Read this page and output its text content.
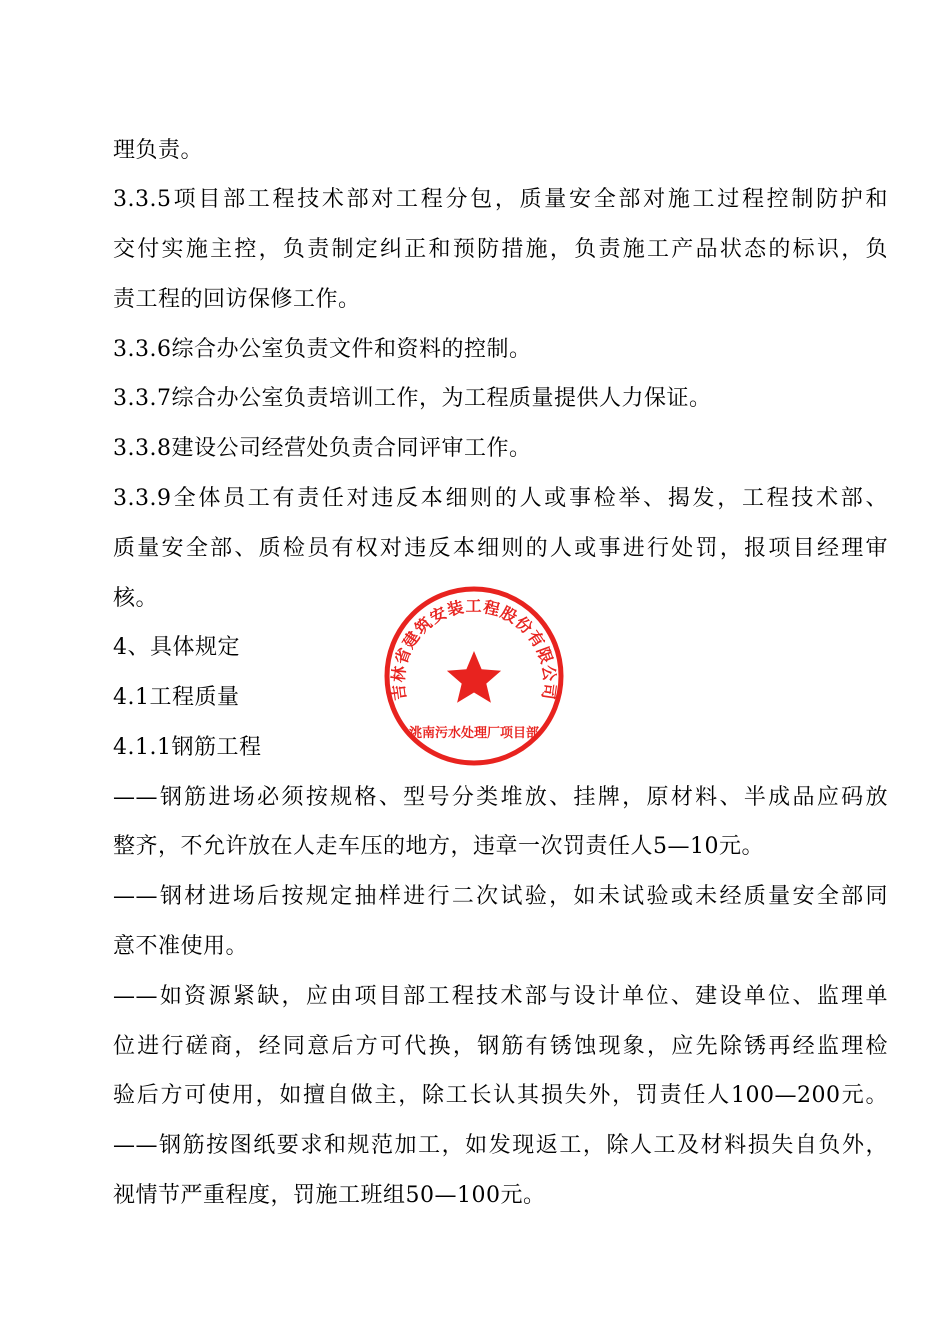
理负责。
3.3.5项目部工程技术部对工程分包，质量安全部对施工过程控制防护和
交付实施主控，负责制定纠正和预防措施，负责施工产品状态的标识，负
责工程的回访保修工作。
3.3.6综合办公室负责文件和资料的控制。
3.3.7综合办公室负责培训工作，为工程质量提供人力保证。
3.3.8建设公司经营处负责合同评审工作。
3.3.9全体员工有责任对违反本细则的人或事检举、揭发，工程技术部、
质量安全部、质检员有权对违反本细则的人或事进行处罚，报项目经理审
核。
4、具体规定
4.1工程质量
4.1.1钢筋工程
——钢筋进场必须按规格、型号分类堆放、挂牌，原材料、半成品应码放
整齐，不允许放在人走车压的地方，违章一次罚责任人5—10元。
——钢材进场后按规定抽样进行二次试验，如未试验或未经质量安全部同
意不准使用。
——如资源紧缺，应由项目部工程技术部与设计单位、建设单位、监理单
位进行磋商，经同意后方可代换，钢筋有锈蚀现象，应先除锈再经监理检
验后方可使用，如擅自做主，除工长认其损失外，罚责任人100—200元。
——钢筋按图纸要求和规范加工，如发现返工，除人工及材料损失自负外，
视情节严重程度，罚施工班组50—100元。
吉林省建筑安装工程股份有限公司
洮南污水处理厂项目部
